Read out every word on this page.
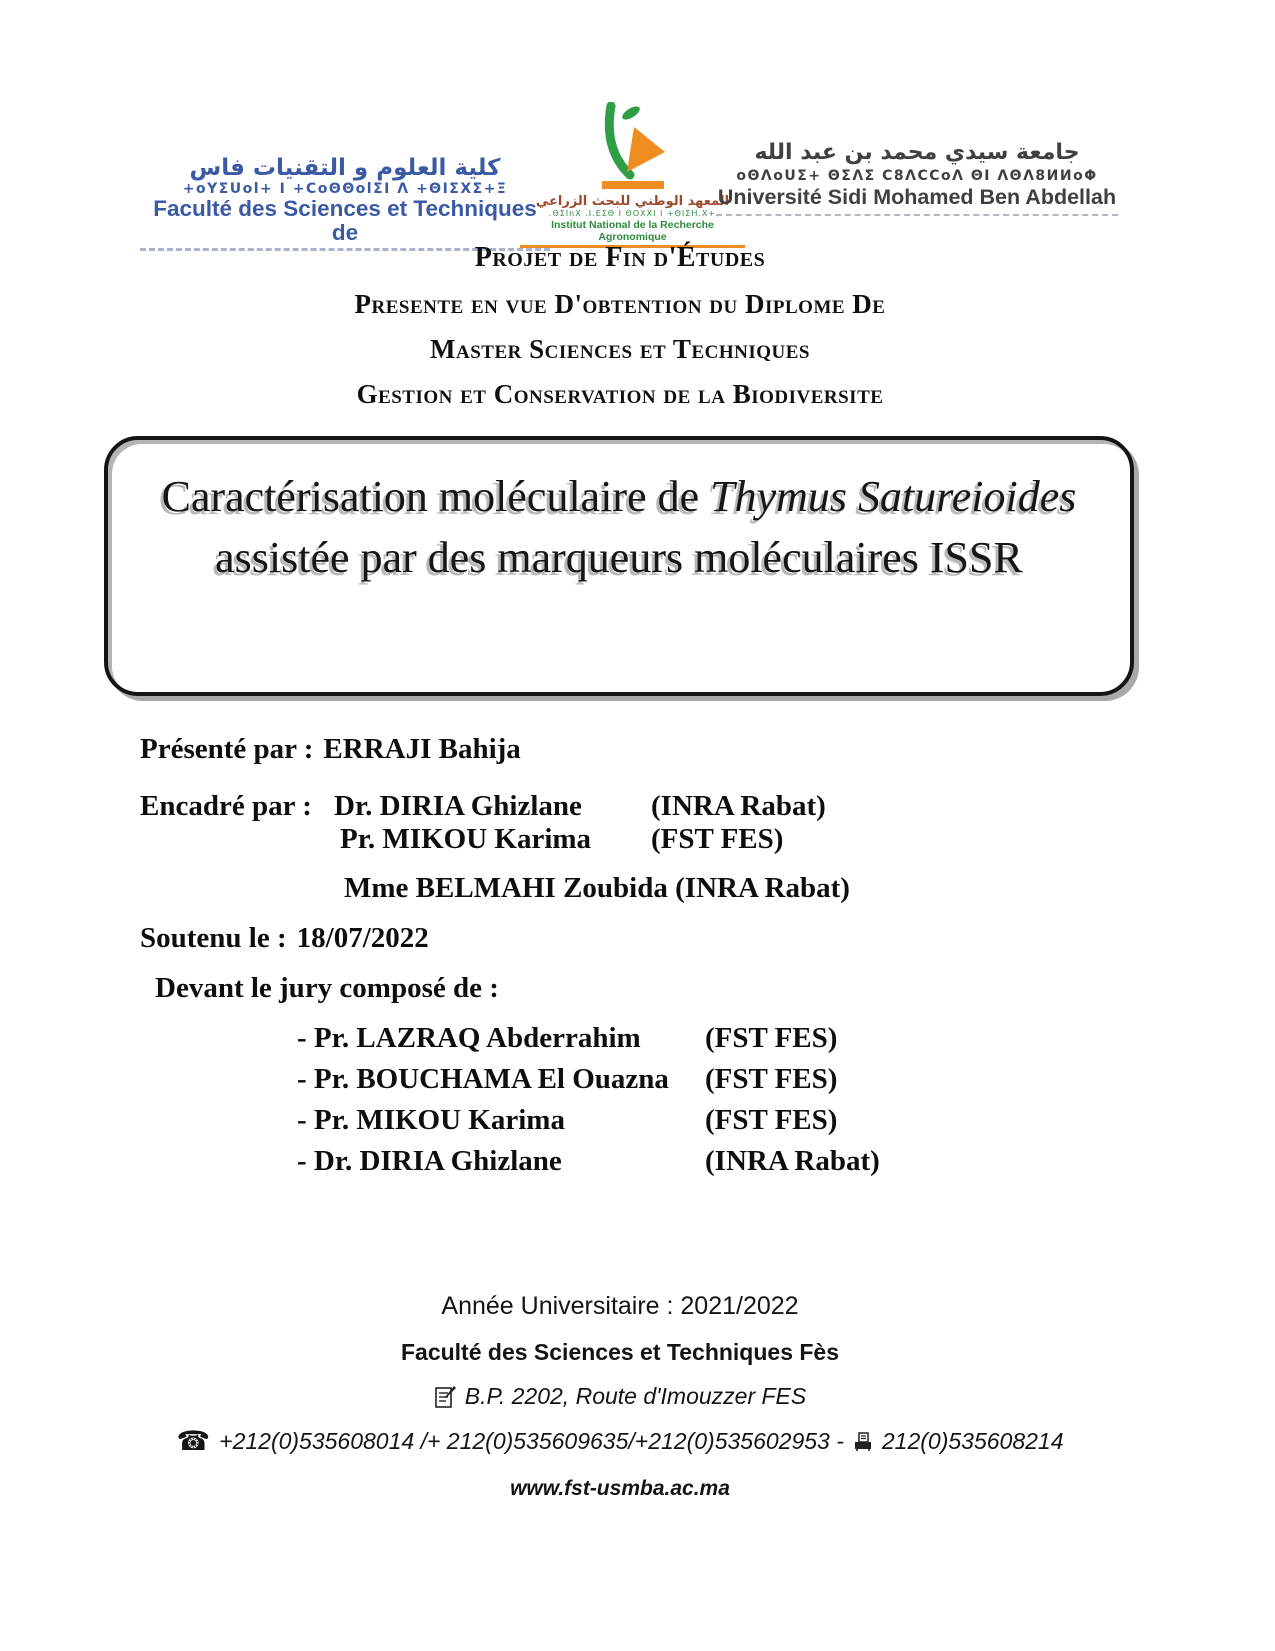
كلية العلوم و التقنيات فاس
+oYΣUol+ I +CoΘΘolΣI Λ +ΘΙΣΧΣ+Ξ
Faculté des Sciences et Techniques de
المعهد الوطني للبحث الزراعي
.ΘΣΙnΧ .Ι.ΕΣΘ Ι ΘΟΧΧΙ Ι +ΘΙΣΗ.Χ+
Institut National de la Recherche Agronomique
جامعة سيدي محمد بن عبد الله
oΘΛoUΣ+ ΘΣΛΣ C8ΛCCoΛ ΘΙ ΛΘΛ8ИИoΦ
Université Sidi Mohamed Ben Abdellah
Projet de Fin d'Études
Presente en vue D'obtention du Diplome De
Master Sciences et Techniques
Gestion et Conservation de la Biodiversite
Caractérisation moléculaire de Thymus Satureioides assistée par des marqueurs moléculaires ISSR
Présenté par : ERRAJI Bahija
Encadré par : Dr. DIRIA Ghizlane (INRA Rabat)
Pr. MIKOU Karima (FST FES)
Mme BELMAHI Zoubida (INRA Rabat)
Soutenu le : 18/07/2022
Devant le jury composé de :
- Pr. LAZRAQ Abderrahim (FST FES)
- Pr. BOUCHAMA El Ouazna (FST FES)
- Pr. MIKOU Karima	(FST FES)
- Dr. DIRIA Ghizlane	(INRA Rabat)
Année Universitaire : 2021/2022
Faculté des Sciences et Techniques Fès
B.P. 2202, Route d'Imouzzer FES
☎ +212(0)535608014 /+ 212(0)535609635/+212(0)535602953 - 212(0)535608214
www.fst-usmba.ac.ma
